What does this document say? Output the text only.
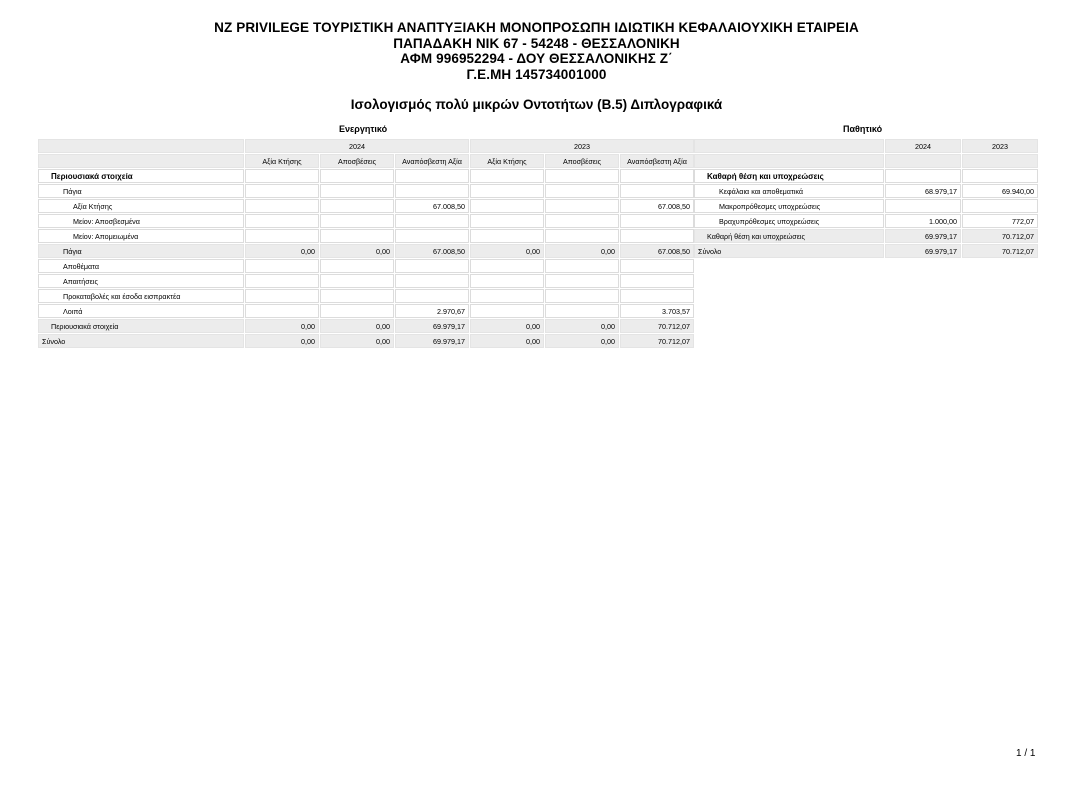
NZ PRIVILEGE ΤΟΥΡΙΣΤΙΚΗ ΑΝΑΠΤΥΞΙΑΚΗ ΜΟΝΟΠΡΟΣΩΠΗ ΙΔΙΩΤΙΚΗ ΚΕΦΑΛΑΙΟΥΧΙΚΗ ΕΤΑΙΡΕΙΑ
ΠΑΠΑΔΑΚΗ ΝΙΚ 67 - 54248 - ΘΕΣΣΑΛΟΝΙΚΗ
ΑΦΜ 996952294 - ΔΟΥ ΘΕΣΣΑΛΟΝΙΚΗΣ Ζ΄
Γ.Ε.ΜΗ 145734001000
Ισολογισμός πολύ μικρών Οντοτήτων (Β.5) Διπλογραφικά
Ενεργητικό	Παθητικό
	2024			2023		
	Αξία Κτήσης	Αποσβέσεις	Αναπόσβεστη Αξία	Αξία Κτήσης	Αποσβέσεις	Αναπόσβεστη Αξία
Περιουσιακά στοιχεία						
Πάγια						
Αξία Κτήσης			67.008,50			67.008,50
Μείον: Αποσβεσμένα						
Μείον: Απομειωμένα						
Πάγια	0,00	0,00	67.008,50	0,00	0,00	67.008,50
Αποθέματα						
Απαιτήσεις						
Προκαταβολές και έσοδα εισπρακτέα						
Λοιπά			2.970,67			3.703,57
Περιουσιακά στοιχεία	0,00	0,00	69.979,17	0,00	0,00	70.712,07
Σύνολο	0,00	0,00	69.979,17	0,00	0,00	70.712,07
	2024	2023

Καθαρή θέση και υποχρεώσεις		
Κεφάλαια και αποθεματικά	68.979,17	69.940,00
Μακροπρόθεσμες υποχρεώσεις		
Βραχυπρόθεσμες υποχρεώσεις	1.000,00	772,07
Καθαρή θέση και υποχρεώσεις	69.979,17	70.712,07
Σύνολο	69.979,17	70.712,07
1 / 1
